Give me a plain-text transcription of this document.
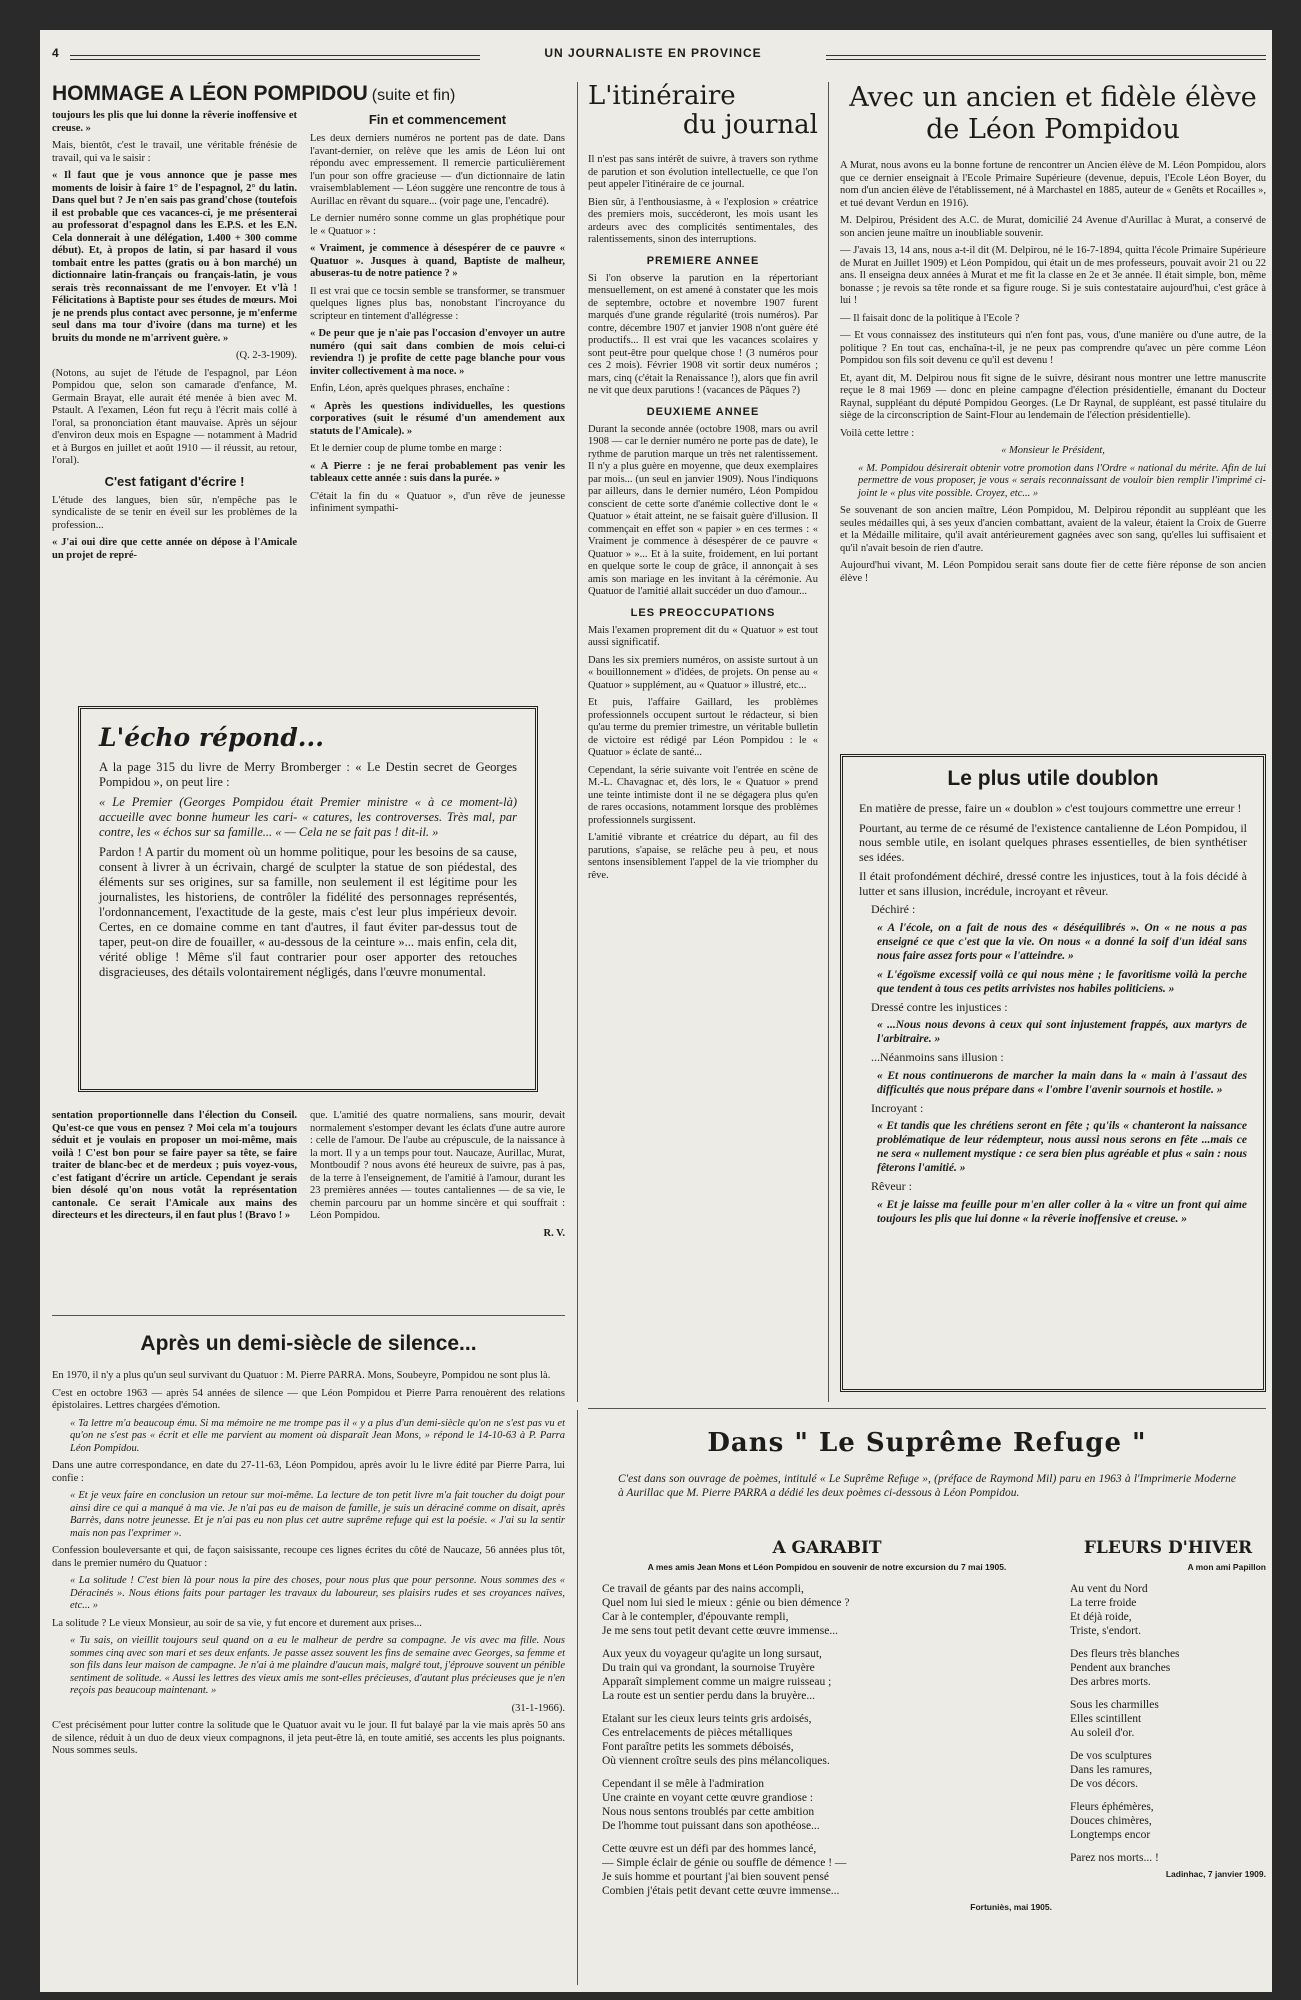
4	UN JOURNALISTE EN PROVINCE
HOMMAGE A LÉON POMPIDOU (suite et fin)

toujours les plis que lui donne la rêverie inoffensive et creuse. »

Mais, bientôt, c'est le travail, une véritable frénésie de travail, qui va le saisir :

« Il faut que je vous annonce que je passe mes moments de loisir à faire 1° de l'espagnol, 2° du latin. Dans quel but ? Je n'en sais pas grand'chose (toutefois il est probable que ces vacances-ci, je me présenterai au professorat d'espagnol dans les E.P.S. et les E.N. Cela donnerait à une délégation, 1.400 + 300 comme début). Et, à propos de latin, si par hasard il vous tombait entre les pattes (gratis ou à bon marché) un dictionnaire latin-français ou français-latin, je vous serais très reconnaissant de me l'envoyer. Et v'là ! Félicitations à Baptiste pour ses études de mœurs. Moi je ne prends plus contact avec personne, je m'enferme seul dans ma tour d'ivoire (dans ma turne) et les bruits du monde ne m'arrivent guère. »

(Q. 2-3-1909).

(Notons, au sujet de l'étude de l'espagnol, par Léon Pompidou que, selon son camarade d'enfance, M. Germain Brayat, elle aurait été menée à bien avec M. Pstault. A l'examen, Léon fut reçu à l'écrit mais collé à l'oral, sa prononciation étant mauvaise. Après un séjour d'environ deux mois en Espagne — notamment à Madrid et à Burgos en juillet et août 1910 — il réussit, au retour, l'oral).

C'est fatigant d'écrire !

L'étude des langues, bien sûr, n'empêche pas le syndicaliste de se tenir en éveil sur les problèmes de la profession...

« J'ai oui dire que cette année on dépose à l'Amicale un projet de repré-

Fin et commencement

Les deux derniers numéros ne portent pas de date. Dans l'avant-dernier, on relève que les amis de Léon lui ont répondu avec empressement. Il remercie particulièrement l'un pour son offre gracieuse — d'un dictionnaire de latin vraisemblablement — Léon suggère une rencontre de tous à Aurillac en rêvant du square... (voir page une, l'encadré).

Le dernier numéro sonne comme un glas prophétique pour le « Quatuor » :

« Vraiment, je commence à désespérer de ce pauvre « Quatuor ». Jusques à quand, Baptiste de malheur, abuseras-tu de notre patience ? »

Il est vrai que ce tocsin semble se transformer, se transmuer quelques lignes plus bas, nonobstant l'incroyance du scripteur en tintement d'allégresse :

« De peur que je n'aie pas l'occasion d'envoyer un autre numéro (qui sait dans combien de mois celui-ci reviendra !) je profite de cette page blanche pour vous inviter collectivement à ma noce. »

Enfin, Léon, après quelques phrases, enchaîne :

« Après les questions individuelles, les questions corporatives (suit le résumé d'un amendement aux statuts de l'Amicale). »

Et le dernier coup de plume tombe en marge :

« A Pierre : je ne ferai probablement pas venir les tableaux cette année : suis dans la purée. »

C'était la fin du « Quatuor », d'un rêve de jeunesse infiniment sympathi-

L'écho répond...

A la page 315 du livre de Merry Bromberger : « Le Destin secret de Georges Pompidou », on peut lire :

« Le Premier (Georges Pompidou était Premier ministre « à ce moment-là) accueille avec bonne humeur les cari- « catures, les controverses. Très mal, par contre, les « échos sur sa famille... « — Cela ne se fait pas ! dit-il. »

Pardon ! A partir du moment où un homme politique, pour les besoins de sa cause, consent à livrer à un écrivain, chargé de sculpter la statue de son piédestal, des éléments sur ses origines, sur sa famille, non seulement il est légitime pour les journalistes, les historiens, de contrôler la fidélité des personnages représentés, l'ordonnancement, l'exactitude de la geste, mais c'est leur plus impérieux devoir. Certes, en ce domaine comme en tant d'autres, il faut éviter par-dessus tout de taper, peut-on dire de fouailler, « au-dessous de la ceinture »... mais enfin, cela dit, vérité oblige ! Même s'il faut contrarier pour oser apporter des retouches disgracieuses, des détails volontairement négligés, dans l'œuvre monumental.

sentation proportionnelle dans l'élection du Conseil. Qu'est-ce que vous en pensez ? Moi cela m'a toujours séduit et je voulais en proposer un moi-même, mais voilà ! C'est bon pour se faire payer sa tête, se faire traiter de blanc-bec et de merdeux ; puis voyez-vous, c'est fatigant d'écrire un article. Cependant je serais bien désolé qu'on nous votât la représentation cantonale. Ce serait l'Amicale aux mains des directeurs et les directeurs, il en faut plus ! (Bravo ! »

que. L'amitié des quatre normaliens, sans mourir, devait normalement s'estomper devant les éclats d'une autre aurore : celle de l'amour. De l'aube au crépuscule, de la naissance à la mort. Il y a un temps pour tout. Naucaze, Aurillac, Murat, Montboudif ? nous avons été heureux de suivre, pas à pas, de la terre à l'enseignement, de l'amitié à l'amour, durant les 23 premières années — toutes cantaliennes — de sa vie, le chemin parcouru par un homme sincère et qui souffrait : Léon Pompidou.

R. V.

Après un demi-siècle de silence...

En 1970, il n'y a plus qu'un seul survivant du Quatuor : M. Pierre PARRA. Mons, Soubeyre, Pompidou ne sont plus là.

C'est en octobre 1963 — après 54 années de silence — que Léon Pompidou et Pierre Parra renouèrent des relations épistolaires. Lettres chargées d'émotion.

« Ta lettre m'a beaucoup ému. Si ma mémoire ne me trompe pas il « y a plus d'un demi-siècle qu'on ne s'est pas vu et qu'on ne s'est pas « écrit et elle me parvient au moment où disparaît Jean Mons, » répond le 14-10-63 à P. Parra Léon Pompidou.

Dans une autre correspondance, en date du 27-11-63, Léon Pompidou, après avoir lu le livre édité par Pierre Parra, lui confie :

« Et je veux faire en conclusion un retour sur moi-même. La lecture de ton petit livre m'a fait toucher du doigt pour ainsi dire ce qui a manqué à ma vie. Je n'ai pas eu de maison de famille, je suis un déraciné comme on disait, après Barrès, dans notre jeunesse. Et je n'ai pas eu non plus cet autre suprême refuge qui est la poésie. « J'ai su la sentir mais non pas l'exprimer ».

Confession bouleversante et qui, de façon saisissante, recoupe ces lignes écrites du côté de Naucaze, 56 années plus tôt, dans le premier numéro du Quatuor :

« La solitude ! C'est bien là pour nous la pire des choses, pour nous plus que pour personne. Nous sommes des « Déracinés ». Nous étions faits pour partager les travaux du laboureur, ses plaisirs rudes et ses croyances naïves, etc... »

La solitude ? Le vieux Monsieur, au soir de sa vie, y fut encore et durement aux prises...

« Tu sais, on vieillit toujours seul quand on a eu le malheur de perdre sa compagne. Je vis avec ma fille. Nous sommes cinq avec son mari et ses deux enfants. Je passe assez souvent les fins de semaine avec Georges, sa femme et son fils dans leur maison de campagne. Je n'ai à me plaindre d'aucun mais, malgré tout, j'éprouve souvent un pénible sentiment de solitude. « Aussi les lettres des vieux amis me sont-elles précieuses, d'autant plus précieuses que je n'en reçois pas beaucoup maintenant. »

(31-1-1966).

C'est précisément pour lutter contre la solitude que le Quatuor avait vu le jour. Il fut balayé par la vie mais après 50 ans de silence, réduit à un duo de deux vieux compagnons, il jeta peut-être là, en toute amitié, ses accents les plus poignants. Nous sommes seuls.

L'itinéraire
du journal

Il n'est pas sans intérêt de suivre, à travers son rythme de parution et son évolution intellectuelle, ce que l'on peut appeler l'itinéraire de ce journal.

Bien sûr, à l'enthousiasme, à « l'explosion » créatrice des premiers mois, succéderont, les mois usant les ardeurs avec des complicités sentimentales, des ralentissements, sinon des interruptions.

PREMIERE ANNEE

Si l'on observe la parution en la répertoriant mensuellement, on est amené à constater que les mois de septembre, octobre et novembre 1907 furent marqués d'une grande régularité (trois numéros). Par contre, décembre 1907 et janvier 1908 n'ont guère été productifs... Il est vrai que les vacances scolaires y sont peut-être pour quelque chose ! (3 numéros pour ces 2 mois). Février 1908 vit sortir deux numéros ; mars, cinq (c'était la Renaissance !), alors que fin avril ne vit que deux parutions ! (vacances de Pâques ?)

DEUXIEME ANNEE

Durant la seconde année (octobre 1908, mars ou avril 1908 — car le dernier numéro ne porte pas de date), le rythme de parution marque un très net ralentissement. Il n'y a plus guère en moyenne, que deux exemplaires par mois... (un seul en janvier 1909). Nous l'indiquons par ailleurs, dans le dernier numéro, Léon Pompidou conscient de cette sorte d'anémie collective dont le « Quatuor » était atteint, ne se faisait guère d'illusion. Il commençait en effet son « papier » en ces termes : « Vraiment je commence à désespérer de ce pauvre « Quatuor » »... Et à la suite, froidement, en lui portant en quelque sorte le coup de grâce, il annonçait à ses amis son mariage en les invitant à la cérémonie. Au Quatuor de l'amitié allait succéder un duo d'amour...

LES PREOCCUPATIONS

Mais l'examen proprement dit du « Quatuor » est tout aussi significatif.

Dans les six premiers numéros, on assiste surtout à un « bouillonnement » d'idées, de projets. On pense au « Quatuor » supplément, au « Quatuor » illustré, etc...

Et puis, l'affaire Gaillard, les problèmes professionnels occupent surtout le rédacteur, si bien qu'au terme du premier trimestre, un véritable bulletin de victoire est rédigé par Léon Pompidou : le « Quatuor » éclate de santé...

Cependant, la série suivante voit l'entrée en scène de M.-L. Chavagnac et, dès lors, le « Quatuor » prend une teinte intimiste dont il ne se dégagera plus qu'en de rares occasions, notamment lorsque des problèmes professionnels surgissent.

L'amitié vibrante et créatrice du départ, au fil des parutions, s'apaise, se relâche peu à peu, et nous sentons insensiblement l'appel de la vie triompher du rêve.

Avec un ancien et fidèle élève
de Léon Pompidou

A Murat, nous avons eu la bonne fortune de rencontrer un Ancien élève de M. Léon Pompidou, alors que ce dernier enseignait à l'Ecole Primaire Supérieure (devenue, depuis, l'Ecole Léon Boyer, du nom d'un ancien élève de l'établissement, né à Marchastel en 1885, auteur de « Genêts et Rocailles », et tué devant Verdun en 1916).

M. Delpirou, Président des A.C. de Murat, domicilié 24 Avenue d'Aurillac à Murat, a conservé de son ancien jeune maître un inoubliable souvenir.

— J'avais 13, 14 ans, nous a-t-il dit (M. Delpirou, né le 16-7-1894, quitta l'école Primaire Supérieure de Murat en Juillet 1909) et Léon Pompidou, qui était un de mes professeurs, pouvait avoir 21 ou 22 ans. Il enseigna deux années à Murat et me fit la classe en 2e et 3e année. Il était simple, bon, même bonasse ; je revois sa tête ronde et sa figure rouge. Si je suis contestataire aujourd'hui, c'est grâce à lui !

— Il faisait donc de la politique à l'Ecole ?

— Et vous connaissez des instituteurs qui n'en font pas, vous, d'une manière ou d'une autre, de la politique ? En tout cas, enchaîna-t-il, je ne peux pas comprendre qu'avec un père comme Léon Pompidou son fils soit devenu ce qu'il est devenu !

Et, ayant dit, M. Delpirou nous fit signe de le suivre, désirant nous montrer une lettre manuscrite reçue le 8 mai 1969 — donc en pleine campagne d'élection présidentielle, émanant du Docteur Raynal, suppléant du député Pompidou Georges. (Le Dr Raynal, de suppléant, est passé titulaire du siège de la circonscription de Saint-Flour au lendemain de l'élection présidentielle).

Voilà cette lettre :

« Monsieur le Président,

« M. Pompidou désirerait obtenir votre promotion dans l'Ordre « national du mérite. Afin de lui permettre de vous proposer, je vous « serais reconnaissant de vouloir bien remplir l'imprimé ci-joint le « plus vite possible. Croyez, etc... »

Se souvenant de son ancien maître, Léon Pompidou, M. Delpirou répondit au suppléant que les seules médailles qui, à ses yeux d'ancien combattant, avaient de la valeur, étaient la Croix de Guerre et la Médaille militaire, qu'il avait antérieurement gagnées avec son sang, qu'elles lui suffisaient et qu'il n'avait besoin de rien d'autre.

Aujourd'hui vivant, M. Léon Pompidou serait sans doute fier de cette fière réponse de son ancien élève !

Le plus utile doublon

En matière de presse, faire un « doublon » c'est toujours commettre une erreur !

Pourtant, au terme de ce résumé de l'existence cantalienne de Léon Pompidou, il nous semble utile, en isolant quelques phrases essentielles, de bien synthétiser ses idées.

Il était profondément déchiré, dressé contre les injustices, tout à la fois décidé à lutter et sans illusion, incrédule, incroyant et rêveur.

Déchiré :

« A l'école, on a fait de nous des « déséquilibrés ». On « ne nous a pas enseigné ce que c'est que la vie. On nous « a donné la soif d'un idéal sans nous faire assez forts pour « l'atteindre. »

« L'égoïsme excessif voilà ce qui nous mène ; le favoritisme voilà la perche que tendent à tous ces petits arrivistes nos habiles politiciens. »

Dressé contre les injustices :

« ...Nous nous devons à ceux qui sont injustement frappés, aux martyrs de l'arbitraire. »

...Néanmoins sans illusion :

« Et nous continuerons de marcher la main dans la « main à l'assaut des difficultés que nous prépare dans « l'ombre l'avenir sournois et hostile. »

Incroyant :

« Et tandis que les chrétiens seront en fête ; qu'ils « chanteront la naissance problématique de leur rédempteur, nous aussi nous serons en fête ...mais ce ne sera « nullement mystique : ce sera bien plus agréable et plus « sain : nous fêterons l'amitié. »

Rêveur :

« Et je laisse ma feuille pour m'en aller coller à la « vitre un front qui aime toujours les plis que lui donne « la rêverie inoffensive et creuse. »

Dans " Le Suprême Refuge "

C'est dans son ouvrage de poèmes, intitulé « Le Suprême Refuge », (préface de Raymond Mil) paru en 1963 à l'Imprimerie Moderne à Aurillac que M. Pierre PARRA a dédié les deux poèmes ci-dessous à Léon Pompidou.

A GARABIT
A mes amis Jean Mons et Léon Pompidou en souvenir de notre excursion du 7 mai 1905.
Ce travail de géants par des nains accompli,
Quel nom lui sied le mieux : génie ou bien démence ?
Car à le contempler, d'épouvante rempli,
Je me sens tout petit devant cette œuvre immense...
Aux yeux du voyageur qu'agite un long sursaut,
Du train qui va grondant, la sournoise Truyère
Apparaît simplement comme un maigre ruisseau ;
La route est un sentier perdu dans la bruyère...
Etalant sur les cieux leurs teints gris ardoisés,
Ces entrelacements de pièces métalliques
Font paraître petits les sommets déboisés,
Où viennent croître seuls des pins mélancoliques.
Cependant il se mêle à l'admiration
Une crainte en voyant cette œuvre grandiose :
Nous nous sentons troublés par cette ambition
De l'homme tout puissant dans son apothéose...
Cette œuvre est un défi par des hommes lancé,
— Simple éclair de génie ou souffle de démence ! —
Je suis homme et pourtant j'ai bien souvent pensé
Combien j'étais petit devant cette œuvre immense...
Fortuniès, mai 1905.
FLEURS D'HIVER
A mon ami Papillon
Au vent du Nord
La terre froide
Et déjà roide,
Triste, s'endort.
Des fleurs très blanches
Pendent aux branches
Des arbres morts.
Sous les charmilles
Elles scintillent
Au soleil d'or.
De vos sculptures
Dans les ramures,
De vos décors.
Fleurs éphémères,
Douces chimères,
Longtemps encor
Parez nos morts... !
Ladinhac, 7 janvier 1909.
